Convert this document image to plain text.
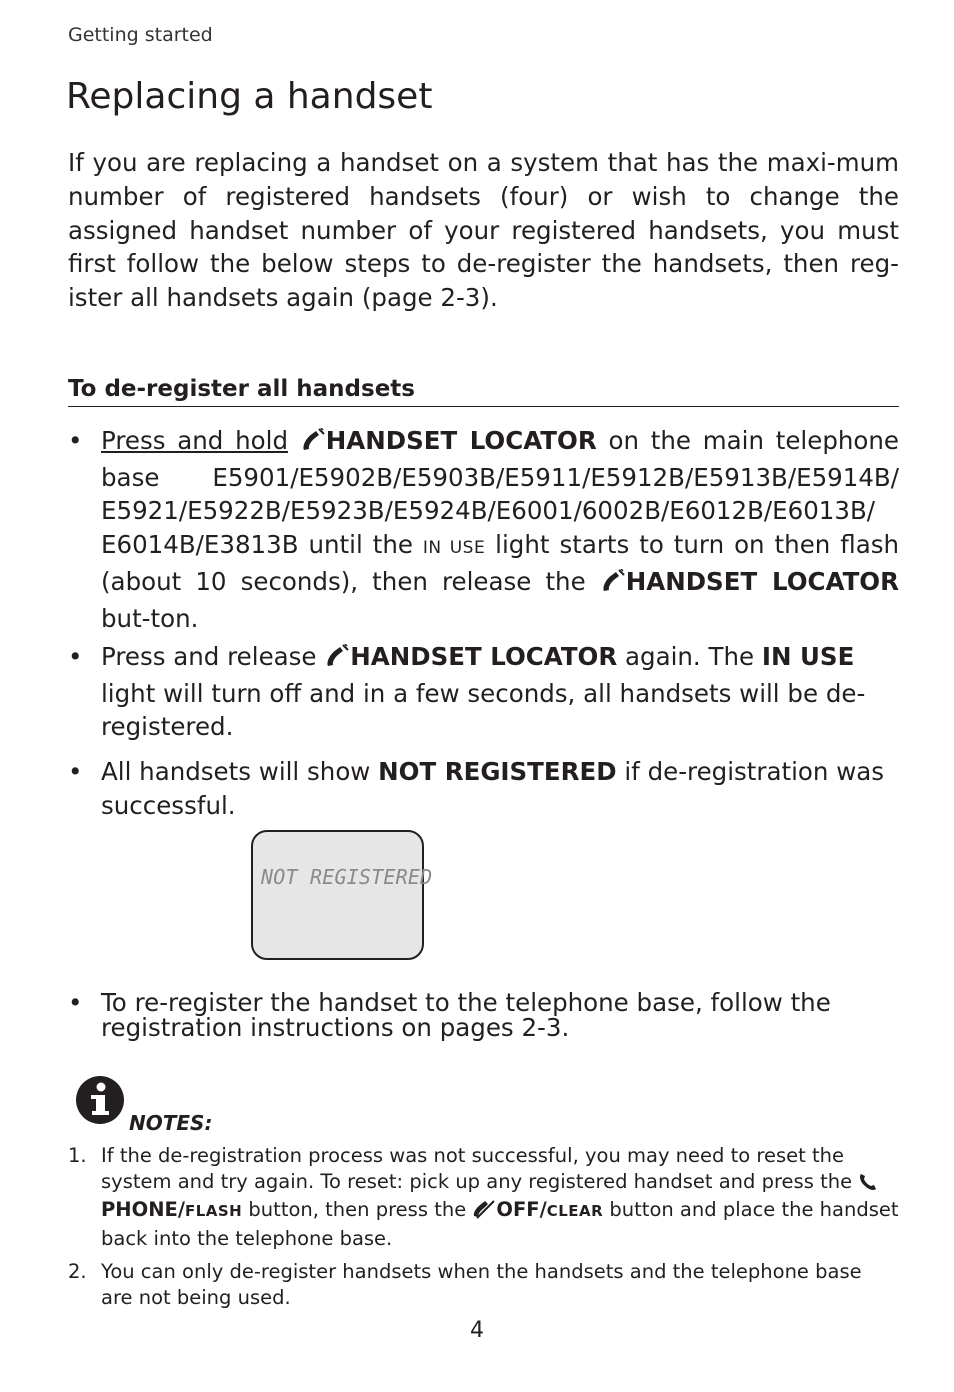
Getting started
Replacing a handset

If you are replacing a handset on a system that has the maxi-mum number of registered handsets (four) or wish to change the assigned handset number of your registered handsets, you must first follow the below steps to de-register the handsets, then reg-ister all handsets again (page 2-3).

To de-register all handsets
• Press and hold HANDSET LOCATOR on the main telephone base E5901/E5902B/E5903B/E5911/E5912B/E5913B/E5914B/ E5921/E5922B/E5923B/E5924B/E6001/6002B/E6012B/E6013B/ E6014B/E3813B until the IN USE light starts to turn on then flash (about 10 seconds), then release the HANDSET LOCATOR but-ton.
• Press and release HANDSET LOCATOR again. The IN USE light will turn off and in a few seconds, all handsets will be de-registered.
• All handsets will show NOT REGISTERED if de-registration was successful.
• To re-register the handset to the telephone base, follow the registration instructions on pages 2-3.
NOT REGISTERED
NOTES:
1. If the de-registration process was not successful, you may need to reset the system and try again. To reset: pick up any registered handset and press the PHONE/FLASH button, then press the OFF/CLEAR button and place the handset back into the telephone base.
2. You can only de-register handsets when the handsets and the telephone base are not being used.
4
